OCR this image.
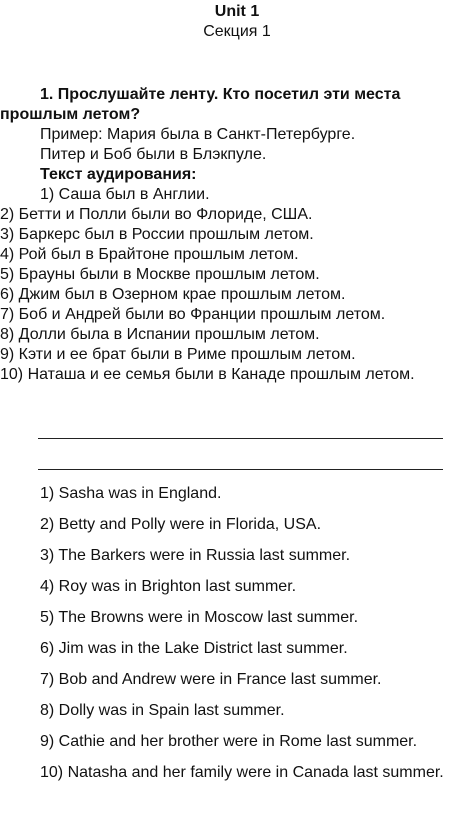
Unit 1
Секция 1

1. Прослушайте ленту. Кто посетил эти места прошлым летом?

Пример: Мария была в Санкт-Петербурге.

Питер и Боб были в Блэкпуле.

Текст аудирования:

1) Саша был в Англии.
2) Бетти и Полли были во Флориде, США.
3) Баркерс был в России прошлым летом.
4) Рой был в Брайтоне прошлым летом.
5) Брауны были в Москве прошлым летом.
6) Джим был в Озерном крае прошлым летом.
7) Боб и Андрей были во Франции прошлым летом.
8) Долли была в Испании прошлым летом.
9) Кэти и ее брат были в Риме прошлым летом.
10) Наташа и ее семья были в Канаде прошлым летом.
1) Sasha was in England.
2) Betty and Polly were in Florida, USA.
3) The Barkers were in Russia last summer.
4) Roy was in Brighton last summer.
5) The Browns were in Moscow last summer.
6) Jim was in the Lake District last summer.
7) Bob and Andrew were in France last summer.
8) Dolly was in Spain last summer.
9) Cathie and her brother were in Rome last summer.
10) Natasha and her family were in Canada last summer.
